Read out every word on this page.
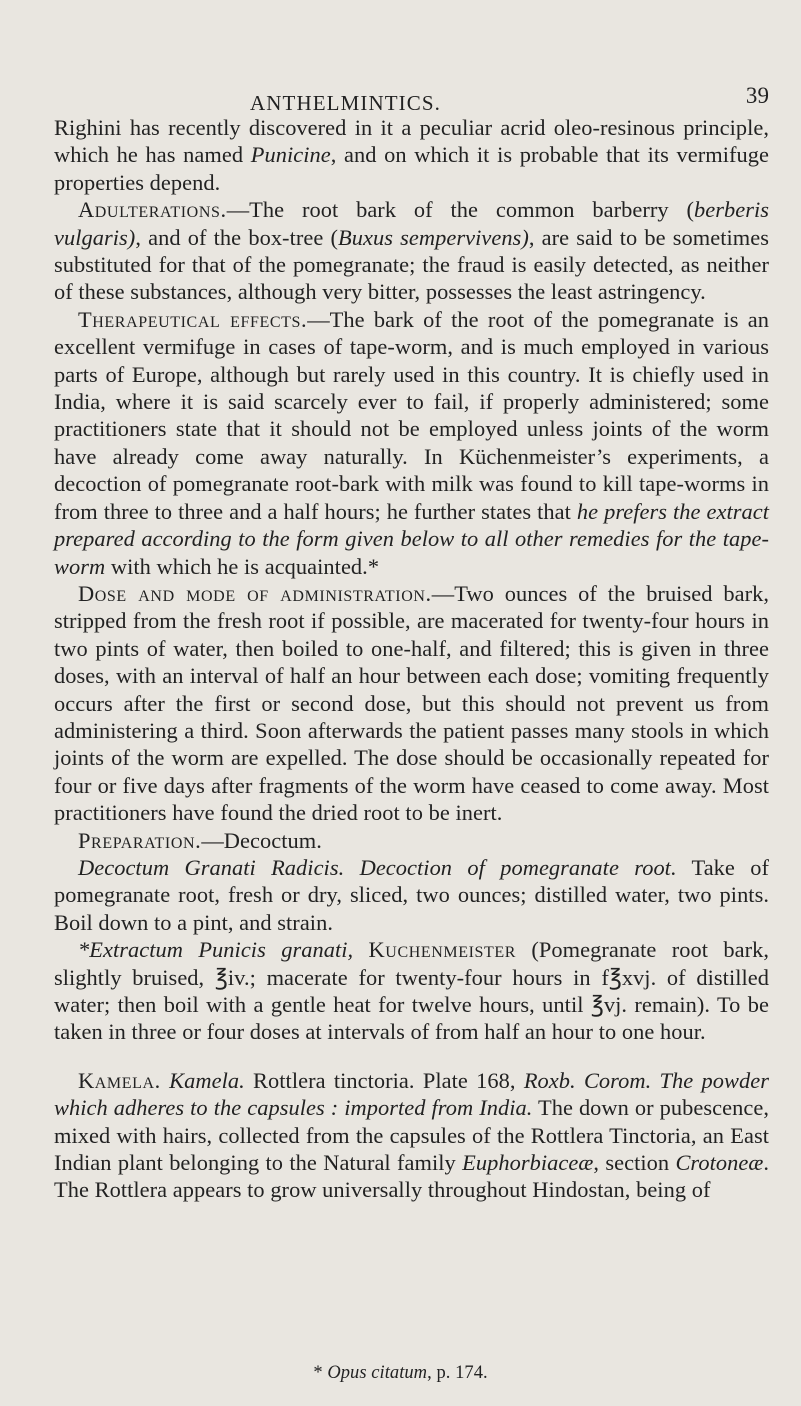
ANTHELMINTICS.	39

Righini has recently discovered in it a peculiar acrid oleo-resinous principle, which he has named Punicine, and on which it is probable that its vermifuge properties depend.

Adulterations.—The root bark of the common barberry (berberis vulgaris), and of the box-tree (Buxus sempervivens), are said to be sometimes substituted for that of the pomegranate; the fraud is easily detected, as neither of these substances, although very bitter, possesses the least astringency.

Therapeutical effects.—The bark of the root of the pomegranate is an excellent vermifuge in cases of tape-worm, and is much employed in various parts of Europe, although but rarely used in this country. It is chiefly used in India, where it is said scarcely ever to fail, if properly administered; some practitioners state that it should not be employed unless joints of the worm have already come away naturally. In Küchenmeister’s experiments, a decoction of pomegranate root-bark with milk was found to kill tape-worms in from three to three and a half hours; he further states that he prefers the extract prepared according to the form given below to all other remedies for the tape-worm with which he is acquainted.*

Dose and mode of administration.—Two ounces of the bruised bark, stripped from the fresh root if possible, are macerated for twenty-four hours in two pints of water, then boiled to one-half, and filtered; this is given in three doses, with an interval of half an hour between each dose; vomiting frequently occurs after the first or second dose, but this should not prevent us from administering a third. Soon afterwards the patient passes many stools in which joints of the worm are expelled. The dose should be occasionally repeated for four or five days after fragments of the worm have ceased to come away. Most practitioners have found the dried root to be inert.

Preparation.—Decoctum.

Decoctum Granati Radicis. Decoction of pomegranate root. Take of pomegranate root, fresh or dry, sliced, two ounces; distilled water, two pints. Boil down to a pint, and strain.

*Extractum Punicis granati, Kuchenmeister (Pomegranate root bark, slightly bruised, ℥iv.; macerate for twenty-four hours in f℥xvj. of distilled water; then boil with a gentle heat for twelve hours, until ℥vj. remain). To be taken in three or four doses at intervals of from half an hour to one hour.

Kamela. Kamela. Rottlera tinctoria. Plate 168, Roxb. Corom. The powder which adheres to the capsules : imported from India. The down or pubescence, mixed with hairs, collected from the capsules of the Rottlera Tinctoria, an East Indian plant belonging to the Natural family Euphorbiaceæ, section Crotoneæ. The Rottlera appears to grow universally throughout Hindostan, being of

* Opus citatum, p. 174.
